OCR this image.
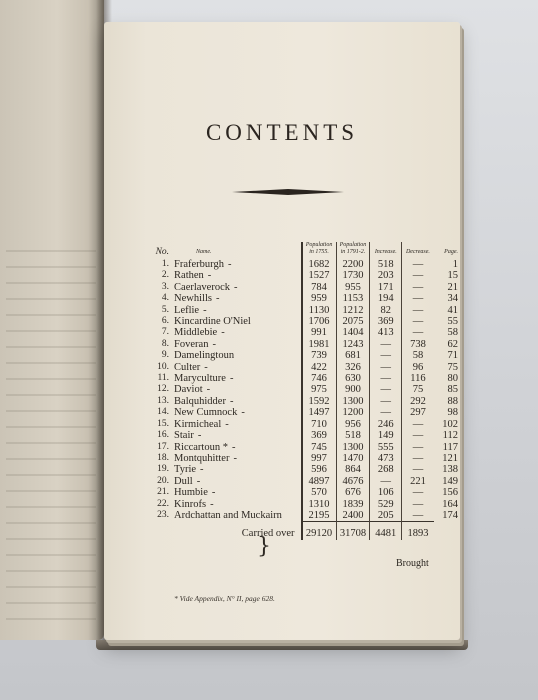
CONTENTS
No.	Name.	Population in 1755.	Population in 1791-2.	Increase.	Decrease.	Page.
1.	Fraferburgh -	1682	2200	518	—	1
2.	Rathen -	1527	1730	203	—	15
3.	Caerlaverock -	784	955	171	—	21
4.	Newhills -	959	1153	194	—	34
5.	Leflie -	1130	1212	82	—	41
6.	Kincardine O'Niel	1706	2075	369	—	55
7.	Middlebie -	991	1404	413	—	58
8.	Foveran -	1981	1243	—	738	62
9.	Damelingtoun	739	681	—	58	71
10.	Culter -	422	326	—	96	75
11.	Maryculture -	746	630	—	116	80
12.	Daviot -	975	900	—	75	85
13.	Balquhidder -	1592	1300	—	292	88
14.	New Cumnock -	1497	1200	—	297	98
15.	Kirmicheal -	710	956	246	—	102
16.	Stair -	369	518	149	—	112
17.	Riccartoun * -	745	1300	555	—	117
18.	Montquhitter -	997	1470	473	—	121
19.	Tyrie -	596	864	268	—	138
20.	Dull -	4897	4676	—	221	149
21.	Humbie -	570	676	106	—	156
22.	Kinrofs -	1310	1839	529	—	164
23.	Ardchattan and Muckairn	2195	2400	205	—	174
Carried over		29120	31708	4481	1893	
}
Brought
* Vide Appendix, N° II, page 628.
